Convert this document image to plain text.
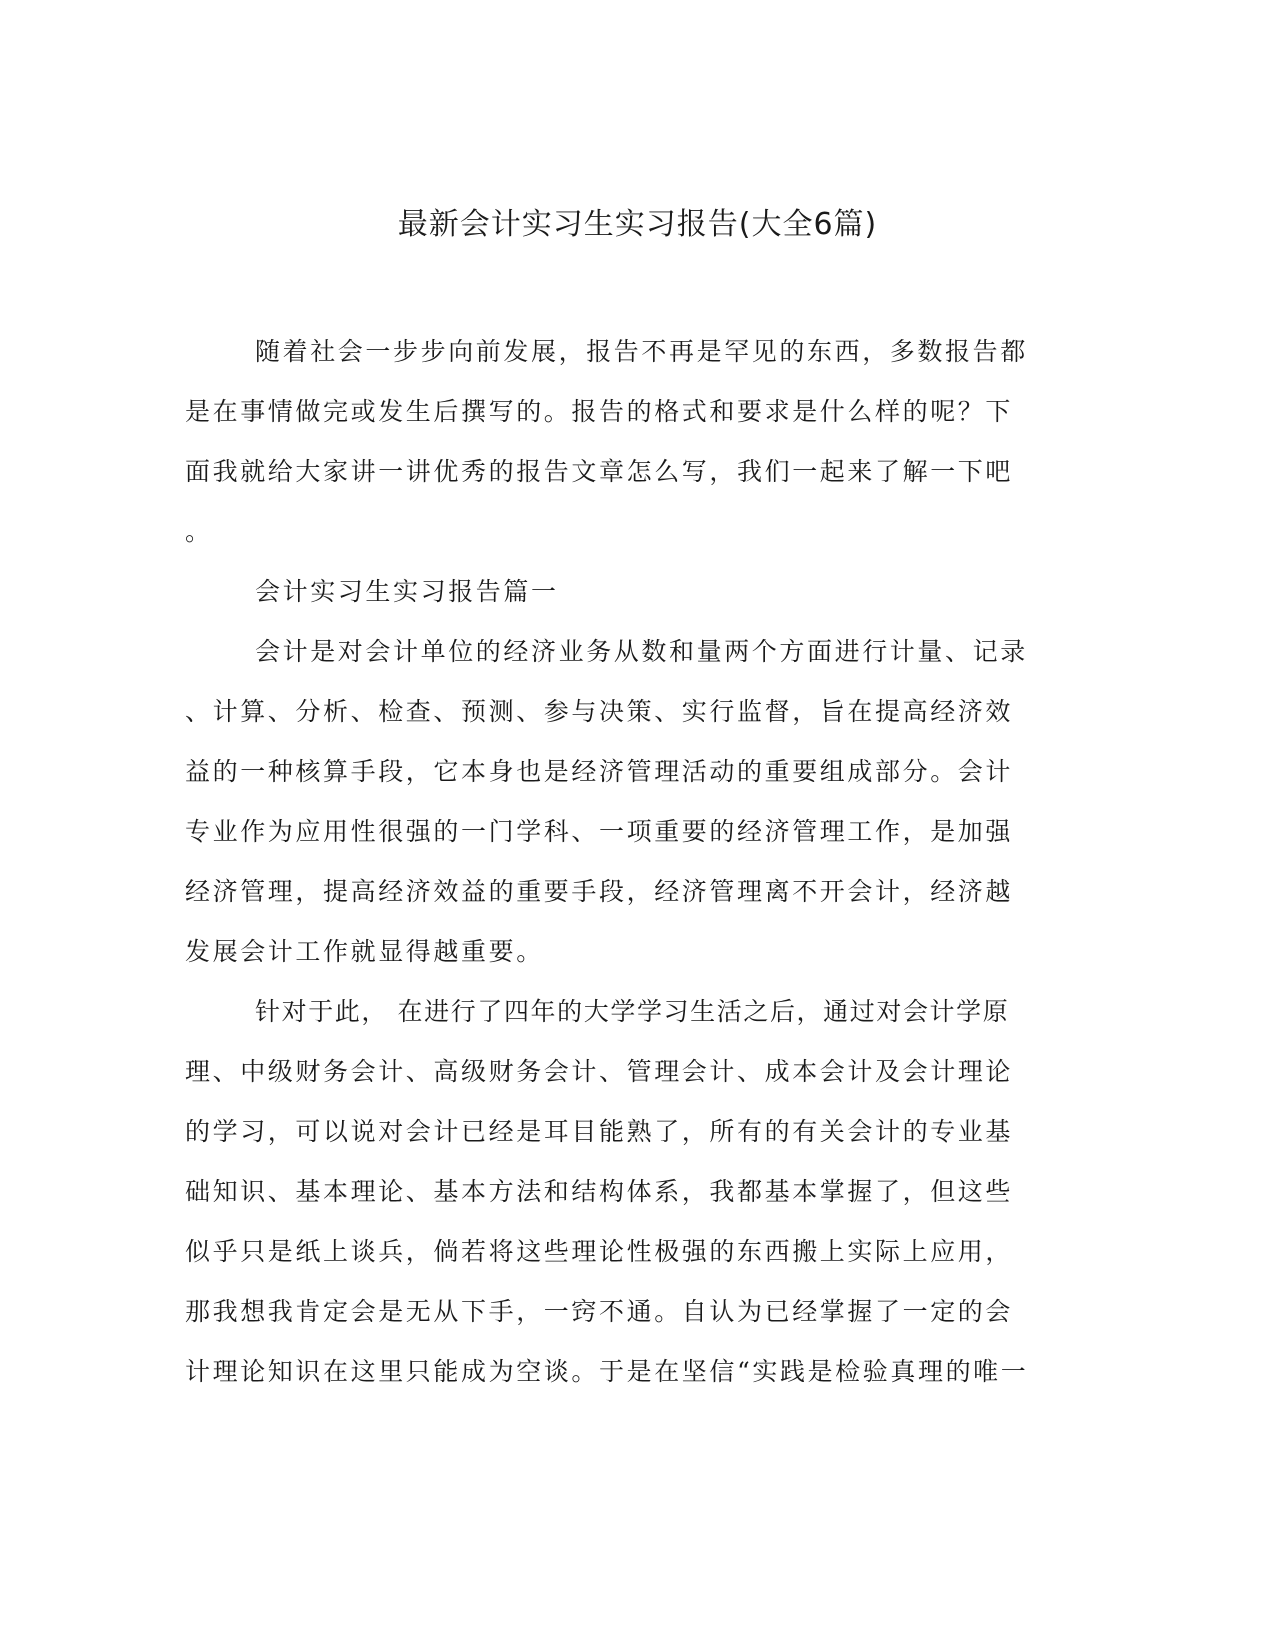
最新会计实习生实习报告(大全6篇)
随着社会一步步向前发展，报告不再是罕见的东西，多数报告都
是在事情做完或发生后撰写的。报告的格式和要求是什么样的呢？下
面我就给大家讲一讲优秀的报告文章怎么写，我们一起来了解一下吧
。
会计实习生实习报告篇一
会计是对会计单位的经济业务从数和量两个方面进行计量、记录
、计算、分析、检查、预测、参与决策、实行监督，旨在提高经济效
益的一种核算手段，它本身也是经济管理活动的重要组成部分。会计
专业作为应用性很强的一门学科、一项重要的经济管理工作，是加强
经济管理，提高经济效益的重要手段，经济管理离不开会计，经济越
发展会计工作就显得越重要。
针对于此， 在进行了四年的大学学习生活之后，通过对会计学原
理、中级财务会计、高级财务会计、管理会计、成本会计及会计理论
的学习，可以说对会计已经是耳目能熟了，所有的有关会计的专业基
础知识、基本理论、基本方法和结构体系，我都基本掌握了，但这些
似乎只是纸上谈兵，倘若将这些理论性极强的东西搬上实际上应用，
那我想我肯定会是无从下手，一窍不通。自认为已经掌握了一定的会
计理论知识在这里只能成为空谈。于是在坚信“实践是检验真理的唯一
